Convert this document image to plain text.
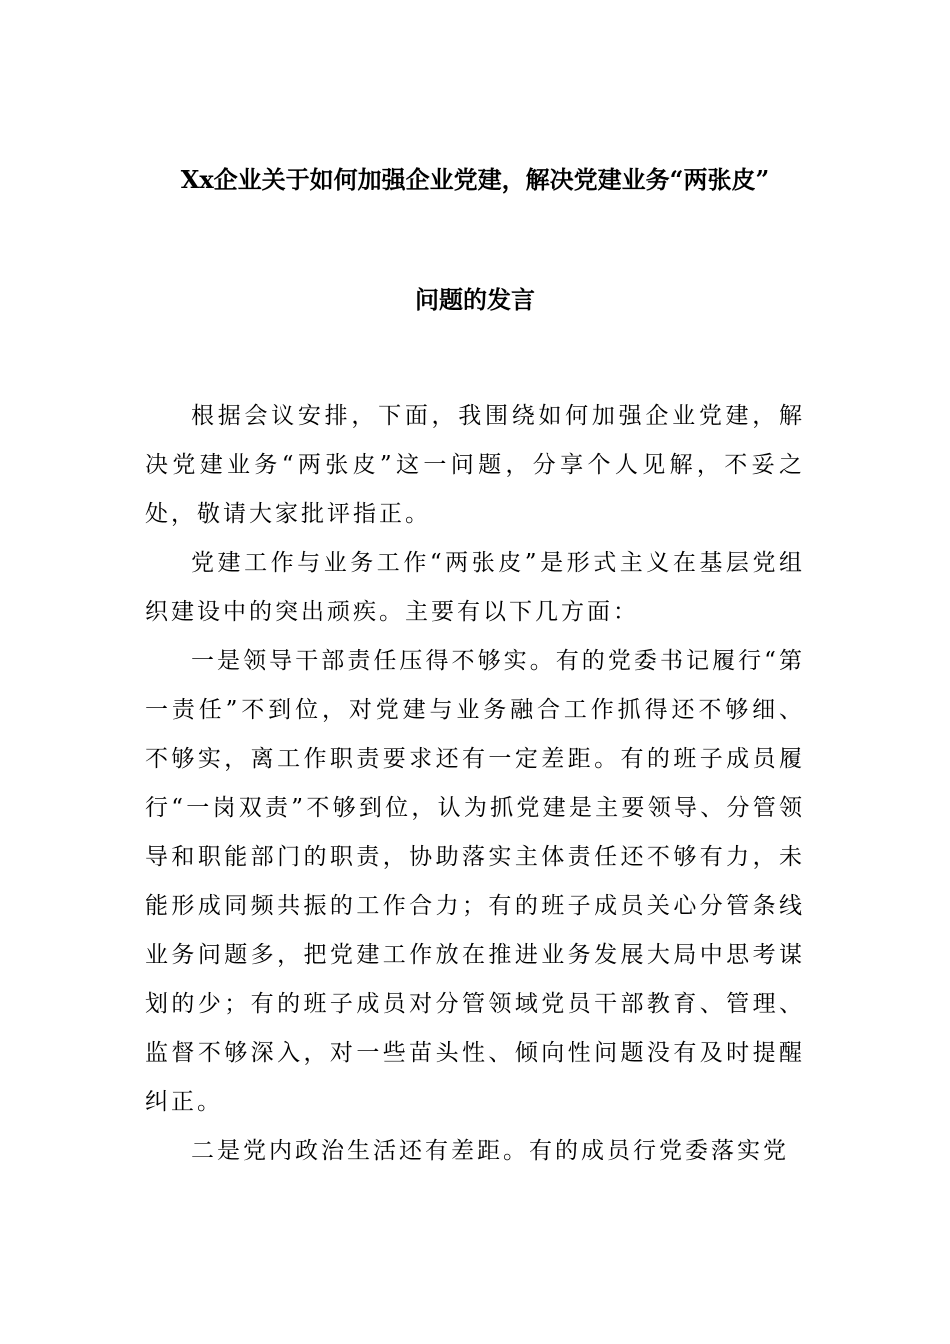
Xx企业关于如何加强企业党建，解决党建业务“两张皮”
问题的发言

根据会议安排，下面，我围绕如何加强企业党建，解决党建业务“两张皮”这一问题，分享个人见解，不妥之处，敬请大家批评指正。

党建工作与业务工作“两张皮”是形式主义在基层党组织建设中的突出顽疾。主要有以下几方面：

一是领导干部责任压得不够实。有的党委书记履行“第一责任”不到位，对党建与业务融合工作抓得还不够细、不够实，离工作职责要求还有一定差距。有的班子成员履行“一岗双责”不够到位，认为抓党建是主要领导、分管领导和职能部门的职责，协助落实主体责任还不够有力，未能形成同频共振的工作合力；有的班子成员关心分管条线业务问题多，把党建工作放在推进业务发展大局中思考谋划的少；有的班子成员对分管领域党员干部教育、管理、监督不够深入，对一些苗头性、倾向性问题没有及时提醒纠正。

二是党内政治生活还有差距。有的成员行党委落实党
